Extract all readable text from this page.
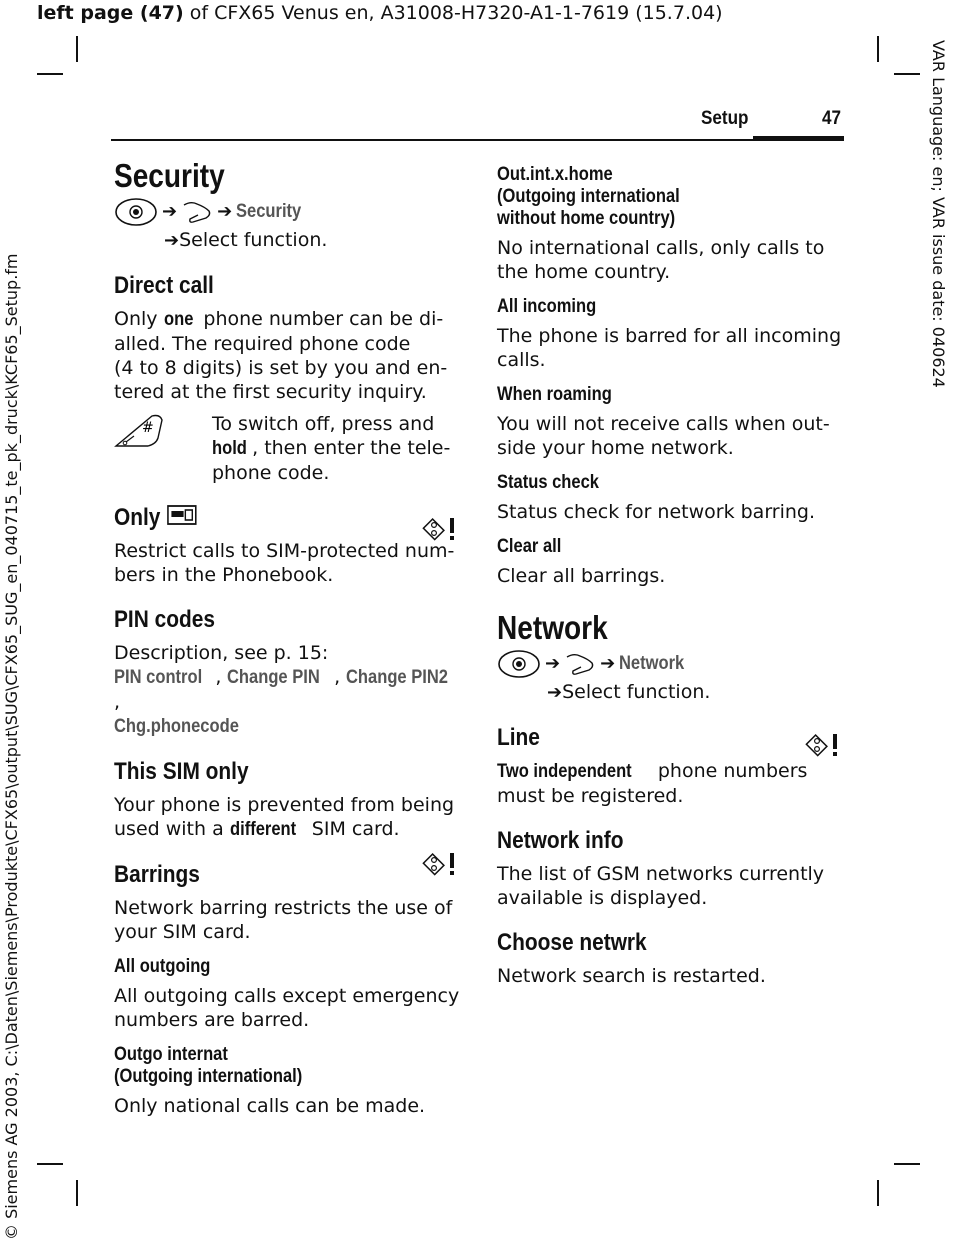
left page (47) of CFX65 Venus en, A31008-H7320-A1-1-7619 (15.7.04)
© Siemens AG 2003, C:\Daten\Siemens\Produkte\CFX65\output\SUG\CFX65_SUG_en_040715_te_pk_druck\KCF65_Setup.fm
VAR Language: en; VAR issue date: 040624
Setup	47
Security
➔ ➔ Security
➔Select function.
Direct call

Only one phone number can be di-
alled. The required phone code
(4 to 8 digits) is set by you and en-
tered at the first security inquiry.

#	To switch off, press and
hold , then enter the tele-
phone code.

Only

Restrict calls to SIM-protected num-
bers in the Phonebook.

PIN codes

Description, see p. 15:
PIN control , Change PIN , Change PIN2,
Chg.phonecode

This SIM only

Your phone is prevented from being
used with a different SIM card.

Barrings

Network barring restricts the use of
your SIM card.

All outgoing

All outgoing calls except emergency
numbers are barred.

Outgo internat
(Outgoing international)

Only national calls can be made.

Out.int.x.home
(Outgoing international
without home country)

No international calls, only calls to
the home country.

All incoming

The phone is barred for all incoming
calls.

When roaming

You will not receive calls when out-
side your home network.

Status check

Status check for network barring.

Clear all

Clear all barrings.

Network
➔ ➔ Network
➔Select function.
Line

Two independent phone numbers
must be registered.

Network info

The list of GSM networks currently
available is displayed.

Choose netwrk

Network search is restarted.
